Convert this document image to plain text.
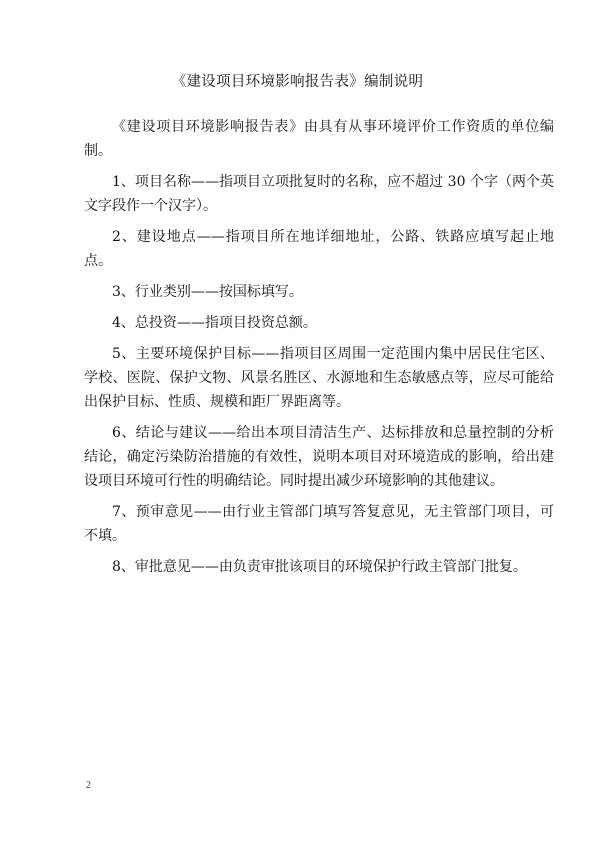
《建设项目环境影响报告表》编制说明

《建设项目环境影响报告表》由具有从事环境评价工作资质的单位编制。

1、项目名称——指项目立项批复时的名称，应不超过 30 个字（两个英文字段作一个汉字）。

2、建设地点——指项目所在地详细地址，公路、铁路应填写起止地点。

3、行业类别——按国标填写。

4、总投资——指项目投资总额。

5、主要环境保护目标——指项目区周围一定范围内集中居民住宅区、学校、医院、保护文物、风景名胜区、水源地和生态敏感点等，应尽可能给出保护目标、性质、规模和距厂界距离等。

6、结论与建议——给出本项目清洁生产、达标排放和总量控制的分析结论，确定污染防治措施的有效性，说明本项目对环境造成的影响，给出建设项目环境可行性的明确结论。同时提出减少环境影响的其他建议。

7、预审意见——由行业主管部门填写答复意见，无主管部门项目，可不填。

8、审批意见——由负责审批该项目的环境保护行政主管部门批复。

2
